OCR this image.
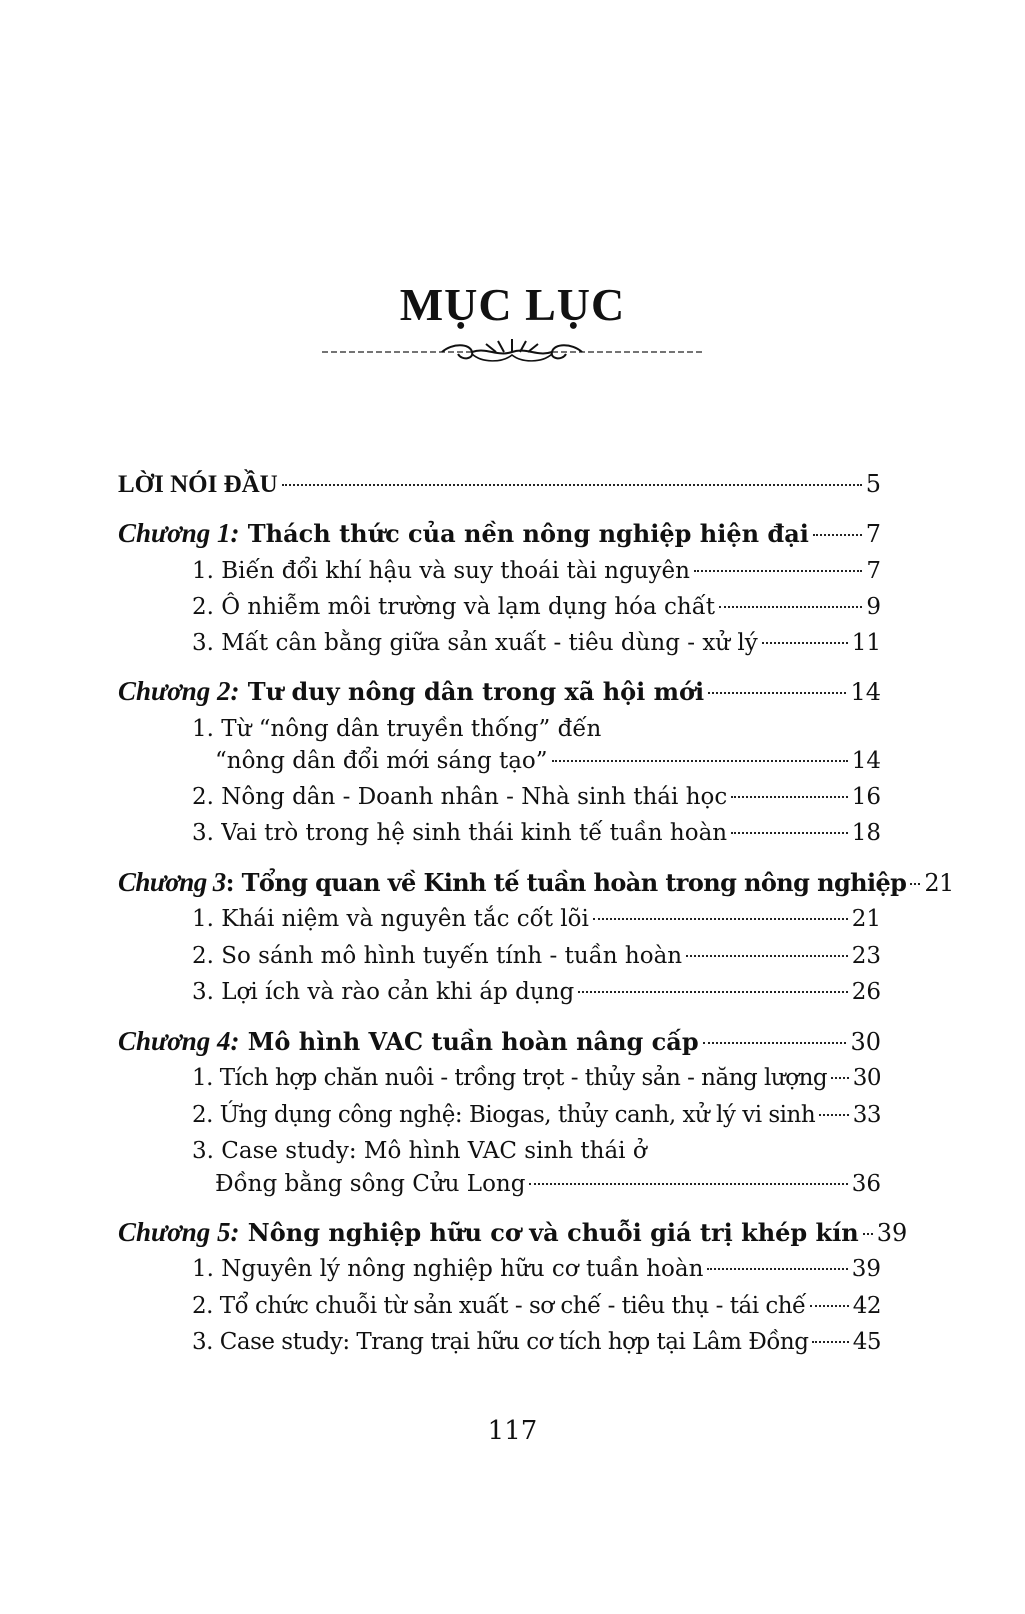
MỤC LỤC
LỜI NÓI ĐẦU	5
Chương 1: Thách thức của nền nông nghiệp hiện đại 7
1. Biến đổi khí hậu và suy thoái tài nguyên	7
2. Ô nhiễm môi trường và lạm dụng hóa chất	9
3. Mất cân bằng giữa sản xuất - tiêu dùng - xử lý	11
Chương 2: Tư duy nông dân trong xã hội mới	14
1. Từ “nông dân truyền thống” đến
“nông dân đổi mới sáng tạo”	14
2. Nông dân - Doanh nhân - Nhà sinh thái học	16
3. Vai trò trong hệ sinh thái kinh tế tuần hoàn	18
Chương 3: Tổng quan về Kinh tế tuần hoàn trong nông nghiệp 21
1. Khái niệm và nguyên tắc cốt lõi	21
2. So sánh mô hình tuyến tính - tuần hoàn	23
3. Lợi ích và rào cản khi áp dụng	26
Chương 4: Mô hình VAC tuần hoàn nâng cấp	30
1. Tích hợp chăn nuôi - trồng trọt - thủy sản - năng lượng 30
2. Ứng dụng công nghệ: Biogas, thủy canh, xử lý vi sinh 33
3. Case study: Mô hình VAC sinh thái ở
Đồng bằng sông Cửu Long	36
Chương 5: Nông nghiệp hữu cơ và chuỗi giá trị khép kín 39
1. Nguyên lý nông nghiệp hữu cơ tuần hoàn	39
2. Tổ chức chuỗi từ sản xuất - sơ chế - tiêu thụ - tái chế 42
3. Case study: Trang trại hữu cơ tích hợp tại Lâm Đồng 45
117
